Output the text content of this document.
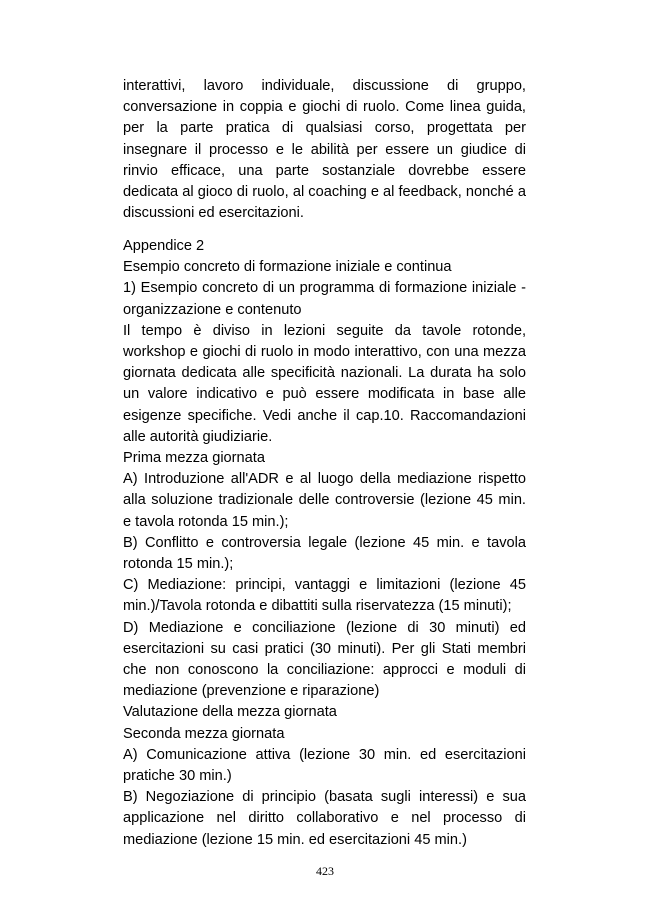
interattivi, lavoro individuale, discussione di gruppo, conversazione in coppia e giochi di ruolo. Come linea guida, per la parte pratica di qualsiasi corso, progettata per insegnare il processo e le abilità per essere un giudice di rinvio efficace, una parte sostanziale dovrebbe essere dedicata al gioco di ruolo, al coaching e al feedback, nonché a discussioni ed esercitazioni.

Appendice 2

Esempio concreto di formazione iniziale e continua

1) Esempio concreto di un programma di formazione iniziale - organizzazione e contenuto

Il tempo è diviso in lezioni seguite da tavole rotonde, workshop e giochi di ruolo in modo interattivo, con una mezza giornata dedicata alle specificità nazionali. La durata ha solo un valore indicativo e può essere modificata in base alle esigenze specifiche. Vedi anche il cap.10. Raccomandazioni alle autorità giudiziarie.

Prima mezza giornata

A) Introduzione all'ADR e al luogo della mediazione rispetto alla soluzione tradizionale delle controversie (lezione 45 min. e tavola rotonda 15 min.);

B) Conflitto e controversia legale (lezione 45 min. e tavola rotonda 15 min.);

C) Mediazione: principi, vantaggi e limitazioni (lezione 45 min.)/Tavola rotonda e dibattiti sulla riservatezza (15 minuti);

D) Mediazione e conciliazione (lezione di 30 minuti) ed esercitazioni su casi pratici (30 minuti). Per gli Stati membri che non conoscono la conciliazione: approcci e moduli di mediazione (prevenzione e riparazione)

Valutazione della mezza giornata

Seconda mezza giornata

A) Comunicazione attiva (lezione 30 min. ed esercitazioni pratiche 30 min.)

B) Negoziazione di principio (basata sugli interessi) e sua applicazione nel diritto collaborativo e nel processo di mediazione (lezione 15 min. ed esercitazioni 45 min.)

423
